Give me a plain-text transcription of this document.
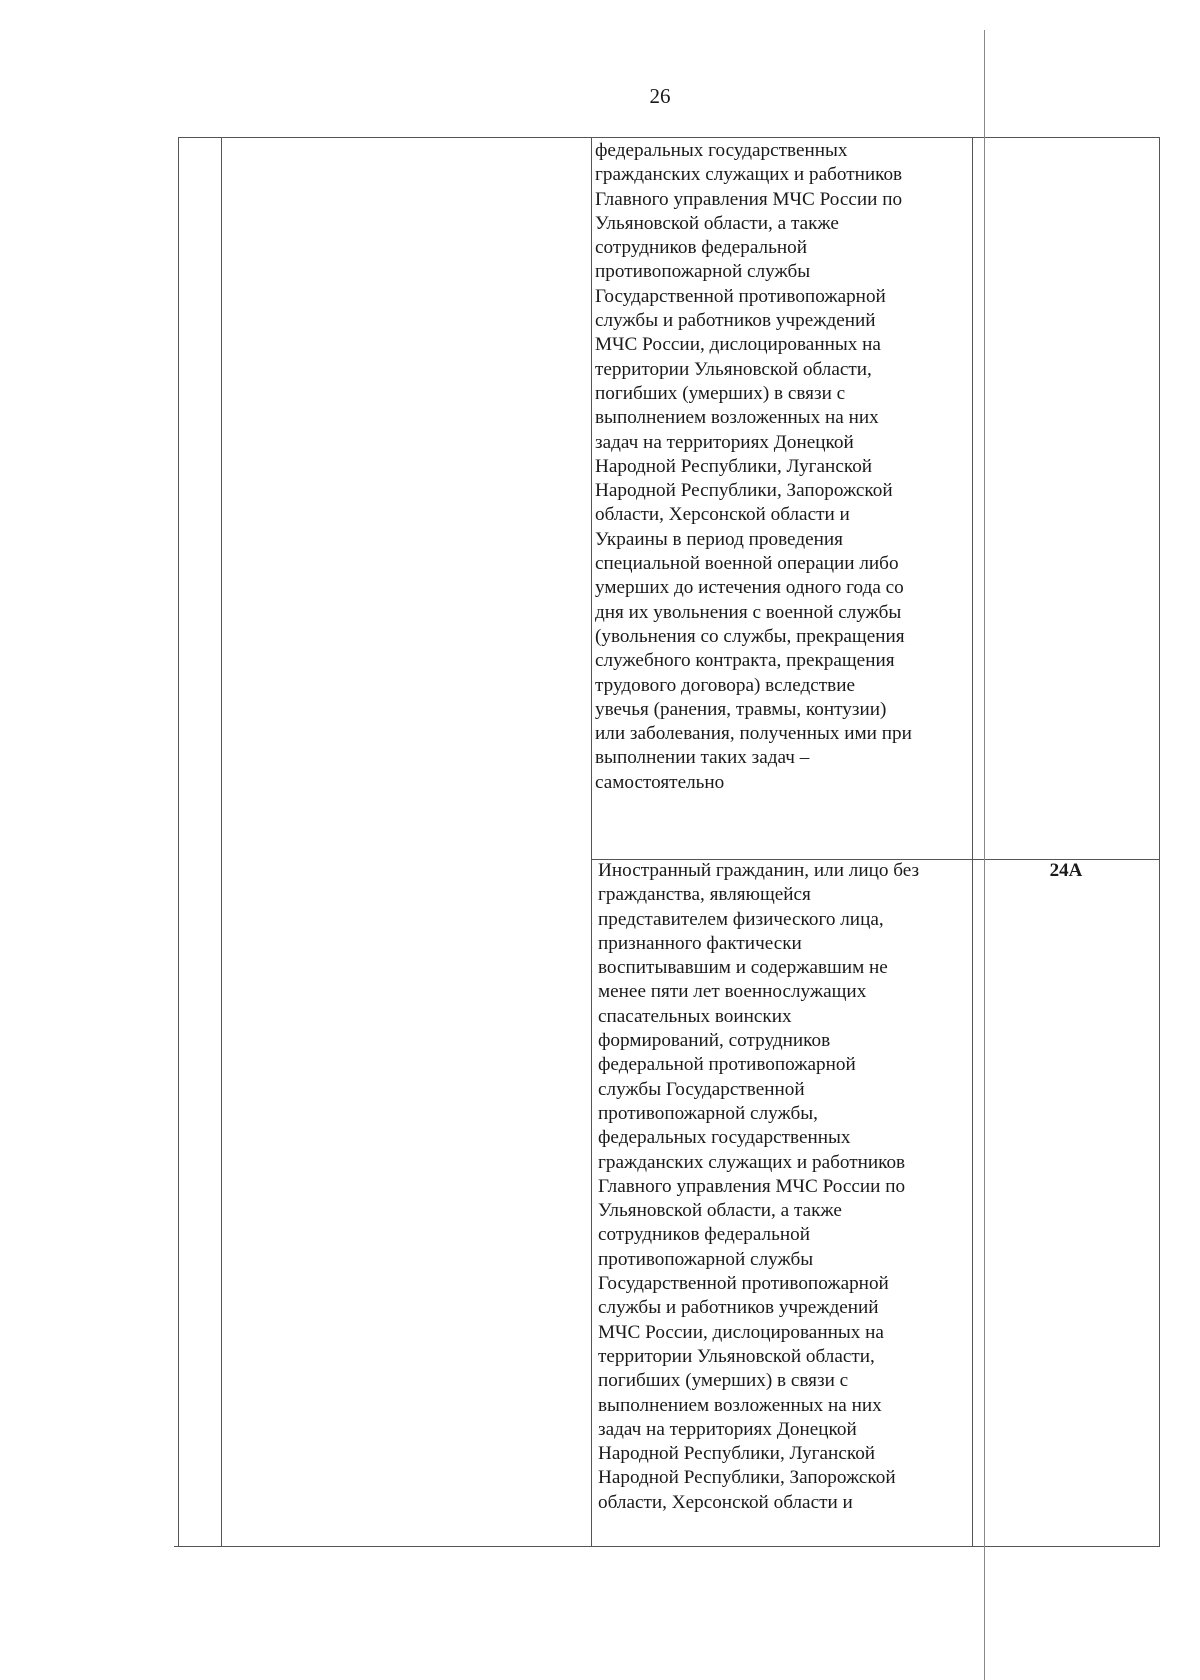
26
федеральных государственных
гражданских служащих и работников
Главного управления МЧС России по
Ульяновской области, а также
сотрудников федеральной
противопожарной службы
Государственной противопожарной
службы и работников учреждений
МЧС России, дислоцированных на
территории Ульяновской области,
погибших (умерших) в связи с
выполнением возложенных на них
задач на территориях Донецкой
Народной Республики, Луганской
Народной Республики, Запорожской
области, Херсонской области и
Украины в период проведения
специальной военной операции либо
умерших до истечения одного года со
дня их увольнения с военной службы
(увольнения со службы, прекращения
служебного контракта, прекращения
трудового договора) вследствие
увечья (ранения, травмы, контузии)
или заболевания, полученных ими при
выполнении таких задач –
самостоятельно
Иностранный гражданин, или лицо без
гражданства, являющейся
представителем физического лица,
признанного фактически
воспитывавшим и содержавшим не
менее пяти лет военнослужащих
спасательных воинских
формирований, сотрудников
федеральной противопожарной
службы Государственной
противопожарной службы,
федеральных государственных
гражданских служащих и работников
Главного управления МЧС России по
Ульяновской области, а также
сотрудников федеральной
противопожарной службы
Государственной противопожарной
службы и работников учреждений
МЧС России, дислоцированных на
территории Ульяновской области,
погибших (умерших) в связи с
выполнением возложенных на них
задач на территориях Донецкой
Народной Республики, Луганской
Народной Республики, Запорожской
области, Херсонской области и
24А
